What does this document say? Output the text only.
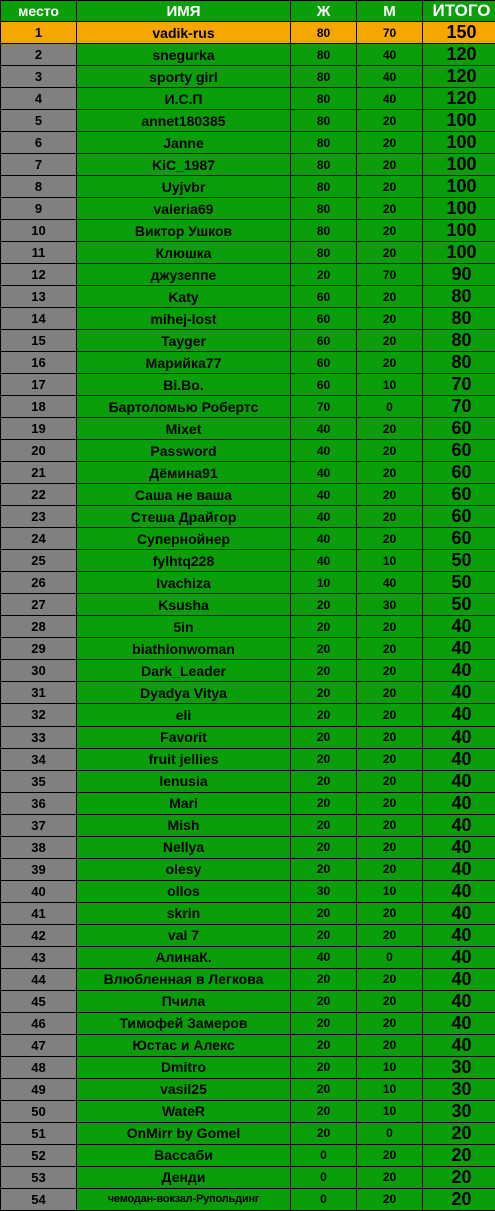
место	ИМЯ	Ж	М	ИТОГО
1	vadik-rus	80	70	150
2	snegurka	80	40	120
3	sporty girl	80	40	120
4	И.С.П	80	40	120
5	annet180385	80	20	100
6	Janne	80	20	100
7	KiC_1987	80	20	100
8	Uyjvbr	80	20	100
9	valeria69	80	20	100
10	Виктор Ушков	80	20	100
11	Клюшка	80	20	100
12	джузеппе	20	70	90
13	Katy	60	20	80
14	mihej-lost	60	20	80
15	Tayger	60	20	80
16	Марийка77	60	20	80
17	Bi.Bo.	60	10	70
18	Бартоломью Робертс	70	0	70
19	Mixet	40	20	60
20	Password	40	20	60
21	Дёмина91	40	20	60
22	Саша не ваша	40	20	60
23	Стеша Драйгор	40	20	60
24	Супернойнер	40	20	60
25	fylhtq228	40	10	50
26	Ivachiza	10	40	50
27	Ksusha	20	30	50
28	5in	20	20	40
29	biathlonwoman	20	20	40
30	Dark_Leader	20	20	40
31	Dyadya Vitya	20	20	40
32	eli	20	20	40
33	Favorit	20	20	40
34	fruit jellies	20	20	40
35	lenusia	20	20	40
36	Mari	20	20	40
37	Mish	20	20	40
38	Nellya	20	20	40
39	olesy	20	20	40
40	ollos	30	10	40
41	skrin	20	20	40
42	val 7	20	20	40
43	АлинаК.	40	0	40
44	Влюбленная в Легкова	20	20	40
45	Пчила	20	20	40
46	Тимофей Замеров	20	20	40
47	Юстас и Алекс	20	20	40
48	Dmitro	20	10	30
49	vasil25	20	10	30
50	WateR	20	10	30
51	OnMirr by Gomel	20	0	20
52	Вассаби	0	20	20
53	Денди	0	20	20
54	чемодан-вокзал-Рупольдинг	0	20	20
